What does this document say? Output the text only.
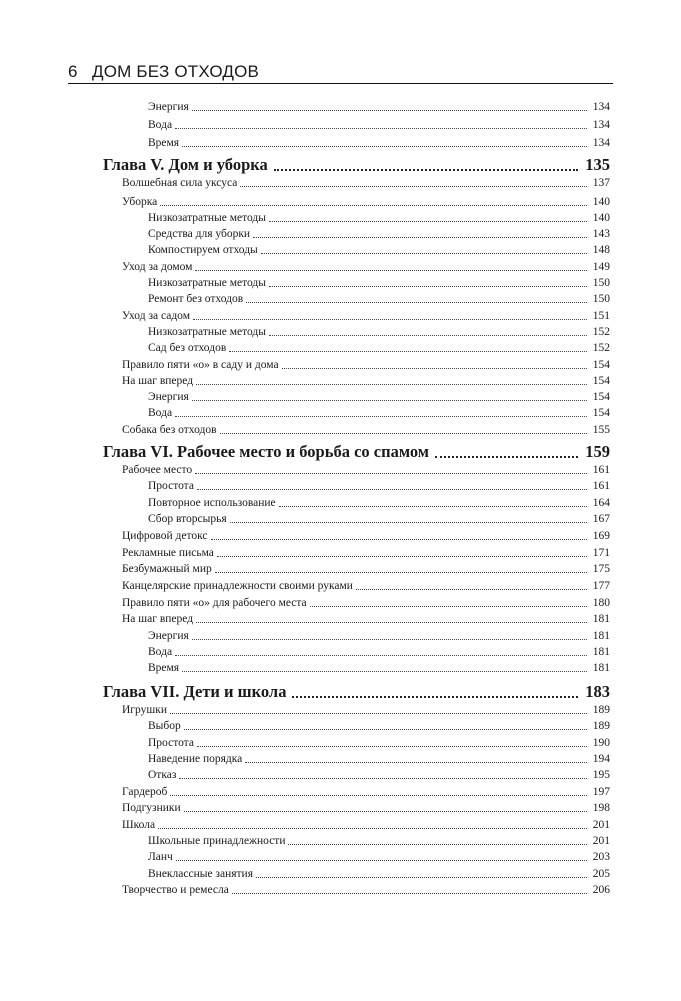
6 ДОМ БЕЗ ОТХОДОВ
Энергия	134
Вода	134
Время	134
Глава V. Дом и уборка	135
Волшебная сила уксуса	137
Уборка	140
Низкозатратные методы	140
Средства для уборки	143
Компостируем отходы	148
Уход за домом	149
Низкозатратные методы	150
Ремонт без отходов	150
Уход за садом	151
Низкозатратные методы	152
Сад без отходов	152
Правило пяти «о» в саду и дома	154
На шаг вперед	154
Энергия	154
Вода	154
Собака без отходов	155
Глава VI. Рабочее место и борьба со спамом	159
Рабочее место	161
Простота	161
Повторное использование	164
Сбор вторсырья	167
Цифровой детокс	169
Рекламные письма	171
Безбумажный мир	175
Канцелярские принадлежности своими руками	177
Правило пяти «о» для рабочего места	180
На шаг вперед	181
Энергия	181
Вода	181
Время	181
Глава VII. Дети и школа	183
Игрушки	189
Выбор	189
Простота	190
Наведение порядка	194
Отказ	195
Гардероб	197
Подгузники	198
Школа	201
Школьные принадлежности	201
Ланч	203
Внеклассные занятия	205
Творчество и ремесла	206
